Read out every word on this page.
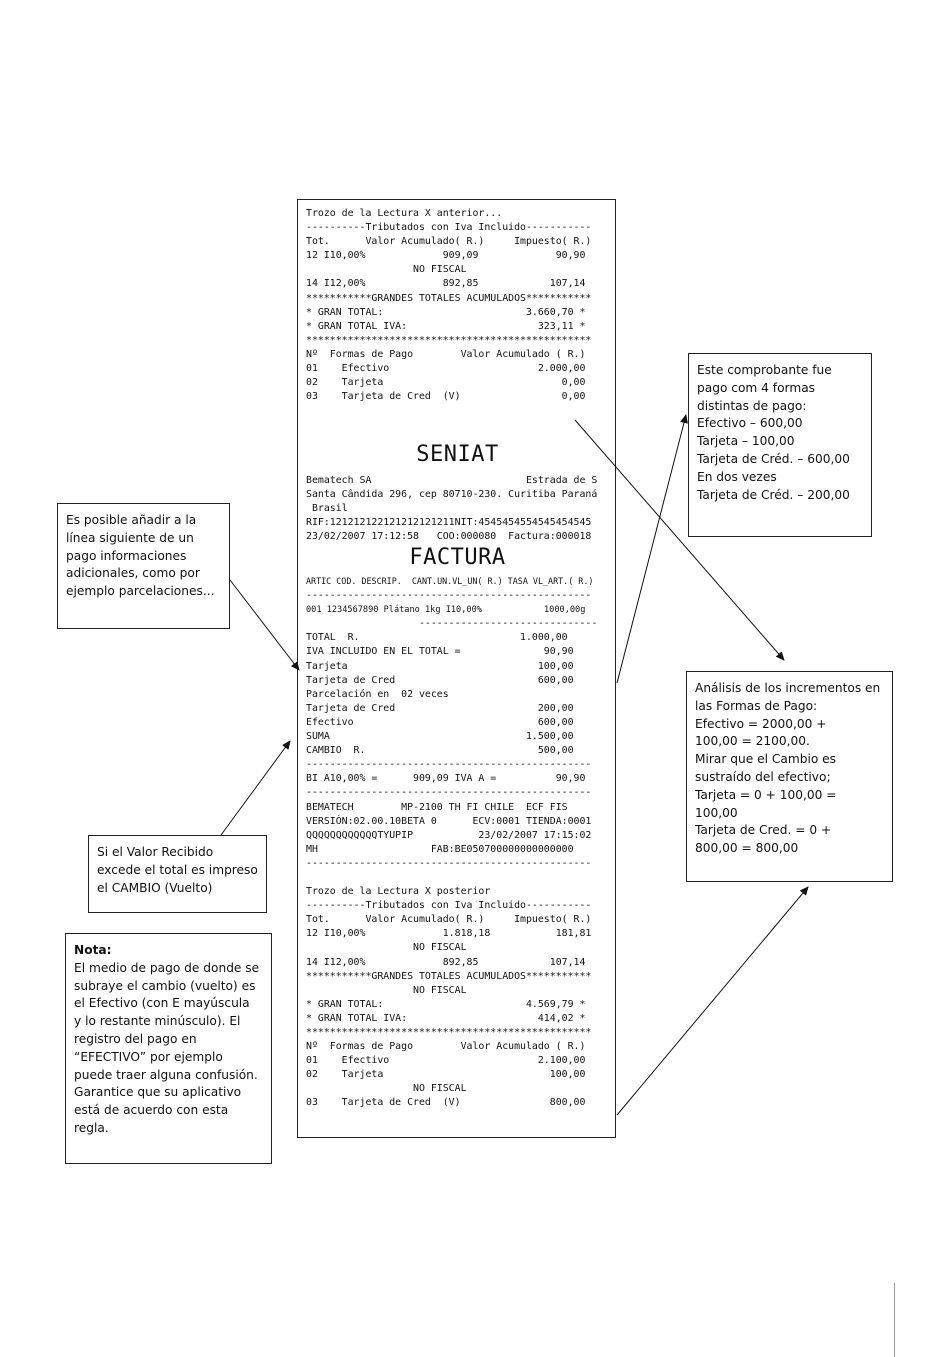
Trozo de la Lectura X anterior...
----------Tributados con Iva Incluido-----------
Tot.      Valor Acumulado( R.)     Impuesto( R.)
12 I10,00%             909,09             90,90
NO FISCAL
14 I12,00%             892,85            107,14
***********GRANDES TOTALES ACUMULADOS***********
* GRAN TOTAL:                        3.660,70 *
* GRAN TOTAL IVA:                      323,11 *
************************************************
Nº  Formas de Pago        Valor Acumulado ( R.)
01    Efectivo                         2.000,00
02    Tarjeta                              0,00
03    Tarjeta de Cred  (V)                 0,00
SENIAT
Bematech SA                          Estrada de S
Santa Cândida 296, cep 80710-230. Curitiba Paraná
Brasil
RIF:121212122121212121211NIT:4545454554545454545
23/02/2007 17:12:58   COO:000080  Factura:000018
FACTURA
ARTIC COD. DESCRIP.  CANT.UN.VL_UN( R.) TASA VL_ART.( R.)
------------------------------------------------
001 1234567890 Plátano 1kg I10,00%            1000,00g
------------------------------
TOTAL  R.                           1.000,00
IVA INCLUIDO EN EL TOTAL =              90,90
Tarjeta                                100,00
Tarjeta de Cred                        600,00
Parcelación en  02 veces
Tarjeta de Cred                        200,00
Efectivo                               600,00
SUMA                                 1.500,00
CAMBIO  R.                             500,00
------------------------------------------------
BI A10,00% =      909,09 IVA A =          90,90
------------------------------------------------
BEMATECH        MP-2100 TH FI CHILE  ECF FIS
VERSIÓN:02.00.10BETA 0      ECV:0001 TIENDA:0001
QQQQQQQQQQQQTYUPIP           23/02/2007 17:15:02
MH                   FAB:BE050700000000000000
------------------------------------------------

Trozo de la Lectura X posterior
----------Tributados con Iva Incluido-----------
Tot.      Valor Acumulado( R.)     Impuesto( R.)
12 I10,00%             1.818,18           181,81
NO FISCAL
14 I12,00%             892,85            107,14
***********GRANDES TOTALES ACUMULADOS***********
NO FISCAL
* GRAN TOTAL:                        4.569,79 *
* GRAN TOTAL IVA:                      414,02 *
************************************************
Nº  Formas de Pago        Valor Acumulado ( R.)
01    Efectivo                         2.100,00
02    Tarjeta                            100,00
NO FISCAL
03    Tarjeta de Cred  (V)               800,00
Este comprobante fue
pago com 4 formas
distintas de pago:
Efectivo – 600,00
Tarjeta – 100,00
Tarjeta de Créd. – 600,00
En dos vezes
Tarjeta de Créd. – 200,00
Es posible añadir a la
línea siguiente de un
pago informaciones
adicionales, como por
ejemplo parcelaciones...
Análisis de los incrementos en
las Formas de Pago:
Efectivo = 2000,00 +
100,00 = 2100,00.
Mirar que el Cambio es
sustraído del efectivo;
Tarjeta = 0 + 100,00 =
100,00
Tarjeta de Cred. = 0 +
800,00 = 800,00
Si el Valor Recibido
excede el total es impreso
el CAMBIO (Vuelto)
Nota:
El medio de pago de donde se
subraye el cambio (vuelto) es
el Efectivo (con E mayúscula
y lo restante minúsculo). El
registro del pago en
“EFECTIVO” por ejemplo
puede traer alguna confusión.
Garantice que su aplicativo
está de acuerdo con esta
regla.
